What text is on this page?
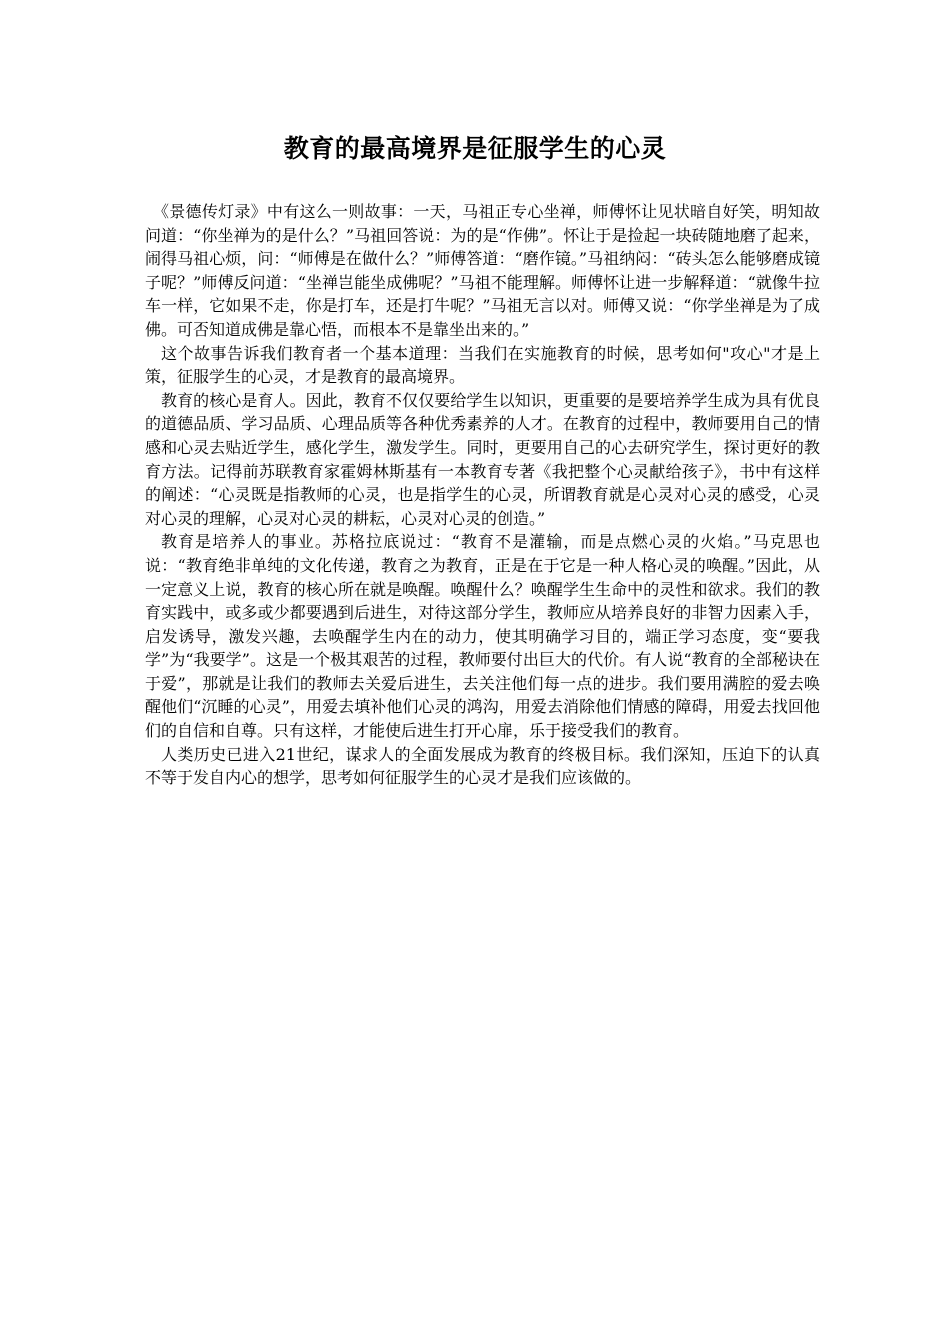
教育的最高境界是征服学生的心灵

《景德传灯录》中有这么一则故事：一天，马祖正专心坐禅，师傅怀让见状暗自好笑，明知故问道：“你坐禅为的是什么？”马祖回答说：为的是“作佛”。怀让于是捡起一块砖随地磨了起来，闹得马祖心烦，问：“师傅是在做什么？”师傅答道：“磨作镜。”马祖纳闷：“砖头怎么能够磨成镜子呢？”师傅反问道：“坐禅岂能坐成佛呢？”马祖不能理解。师傅怀让进一步解释道：“就像牛拉车一样，它如果不走，你是打车，还是打牛呢？”马祖无言以对。师傅又说：“你学坐禅是为了成佛。可否知道成佛是靠心悟，而根本不是靠坐出来的。”

这个故事告诉我们教育者一个基本道理：当我们在实施教育的时候，思考如何"攻心"才是上策，征服学生的心灵，才是教育的最高境界。

教育的核心是育人。因此，教育不仅仅要给学生以知识，更重要的是要培养学生成为具有优良的道德品质、学习品质、心理品质等各种优秀素养的人才。在教育的过程中，教师要用自己的情感和心灵去贴近学生，感化学生，激发学生。同时，更要用自己的心去研究学生，探讨更好的教育方法。记得前苏联教育家霍姆林斯基有一本教育专著《我把整个心灵献给孩子》，书中有这样的阐述：“心灵既是指教师的心灵，也是指学生的心灵，所谓教育就是心灵对心灵的感受，心灵对心灵的理解，心灵对心灵的耕耘，心灵对心灵的创造。”

教育是培养人的事业。苏格拉底说过：“教育不是灌输，而是点燃心灵的火焰。”马克思也说：“教育绝非单纯的文化传递，教育之为教育，正是在于它是一种人格心灵的唤醒。”因此，从一定意义上说，教育的核心所在就是唤醒。唤醒什么？唤醒学生生命中的灵性和欲求。我们的教育实践中，或多或少都要遇到后进生，对待这部分学生，教师应从培养良好的非智力因素入手，启发诱导，激发兴趣，去唤醒学生内在的动力，使其明确学习目的，端正学习态度，变“要我学”为“我要学”。这是一个极其艰苦的过程，教师要付出巨大的代价。有人说“教育的全部秘诀在于爱”，那就是让我们的教师去关爱后进生，去关注他们每一点的进步。我们要用满腔的爱去唤醒他们“沉睡的心灵”，用爱去填补他们心灵的鸿沟，用爱去消除他们情感的障碍，用爱去找回他们的自信和自尊。只有这样，才能使后进生打开心扉，乐于接受我们的教育。

人类历史已进入21世纪，谋求人的全面发展成为教育的终极目标。我们深知，压迫下的认真不等于发自内心的想学，思考如何征服学生的心灵才是我们应该做的。
